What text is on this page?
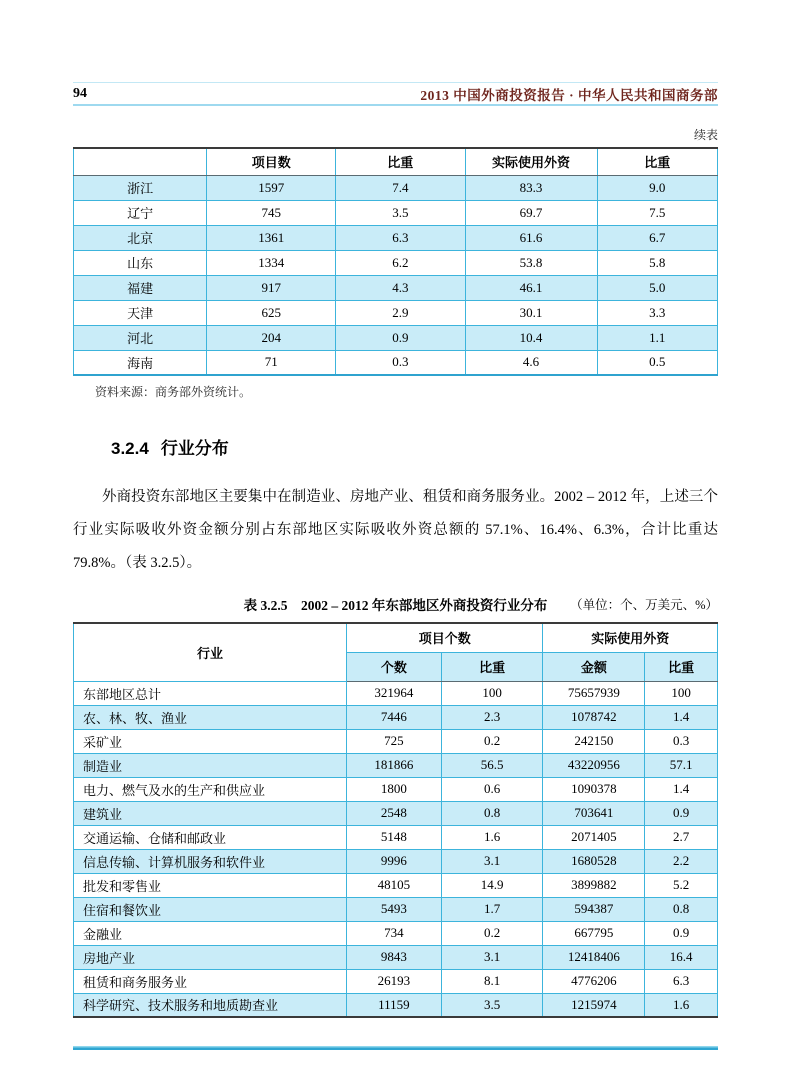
94	2013 中国外商投资报告 · 中华人民共和国商务部
续表
	项目数	比重	实际使用外资	比重
浙江	1597	7.4	83.3	9.0
辽宁	745	3.5	69.7	7.5
北京	1361	6.3	61.6	6.7
山东	1334	6.2	53.8	5.8
福建	917	4.3	46.1	5.0
天津	625	2.9	30.1	3.3
河北	204	0.9	10.4	1.1
海南	71	0.3	4.6	0.5
资料来源：商务部外资统计。
3.2.4 行业分布

外商投资东部地区主要集中在制造业、房地产业、租赁和商务服务业。2002 – 2012 年，上述三个行业实际吸收外资金额分别占东部地区实际吸收外资总额的 57.1%、16.4%、6.3%，合计比重达 79.8%。（表 3.2.5）。

表 3.2.5　2002 – 2012 年东部地区外商投资行业分布	（单位：个、万美元、%）
行业	项目个数		实际使用外资	
	个数	比重	金额	比重
东部地区总计	321964	100	75657939	100
农、林、牧、渔业	7446	2.3	1078742	1.4
采矿业	725	0.2	242150	0.3
制造业	181866	56.5	43220956	57.1
电力、燃气及水的生产和供应业	1800	0.6	1090378	1.4
建筑业	2548	0.8	703641	0.9
交通运输、仓储和邮政业	5148	1.6	2071405	2.7
信息传输、计算机服务和软件业	9996	3.1	1680528	2.2
批发和零售业	48105	14.9	3899882	5.2
住宿和餐饮业	5493	1.7	594387	0.8
金融业	734	0.2	667795	0.9
房地产业	9843	3.1	12418406	16.4
租赁和商务服务业	26193	8.1	4776206	6.3
科学研究、技术服务和地质勘查业	11159	3.5	1215974	1.6
